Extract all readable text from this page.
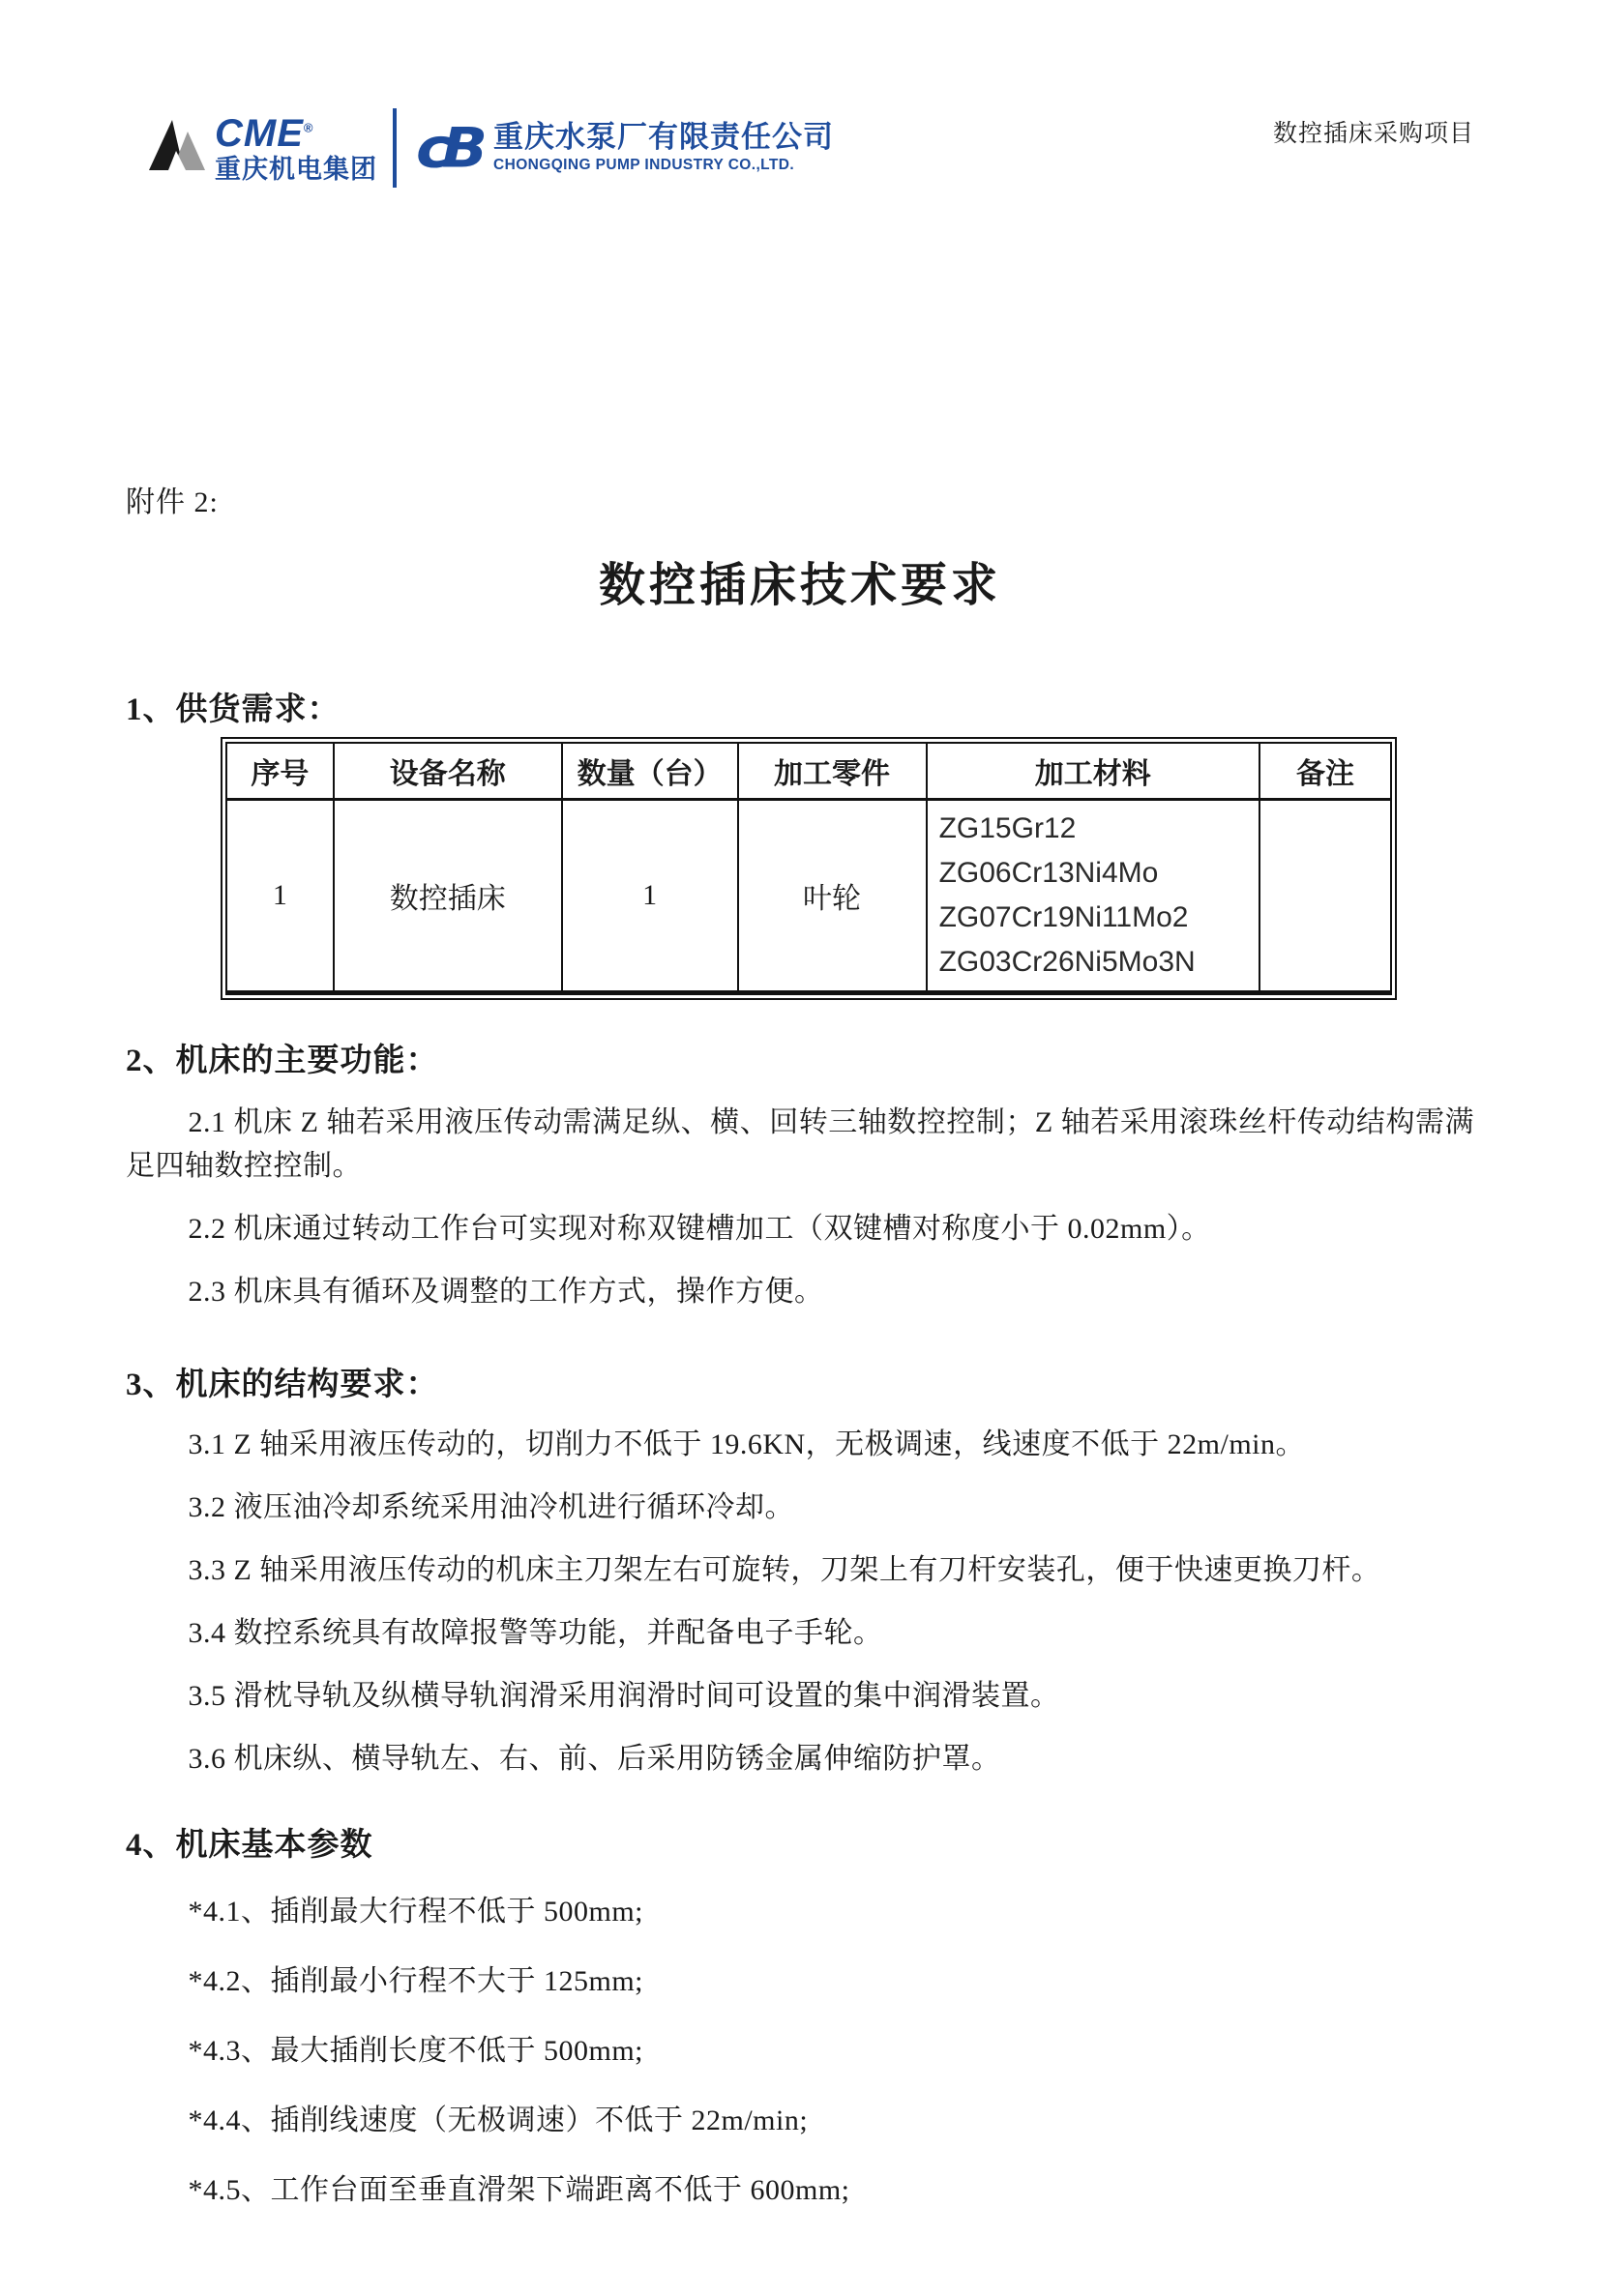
CME®
重庆机电集团 cB 重庆水泵厂有限责任公司
CHONGQING PUMP INDUSTRY CO.,LTD.
数控插床采购项目
附件 2:
数控插床技术要求
1、供货需求：
序号	设备名称	数量（台）	加工零件	加工材料	备注
1	数控插床	1	叶轮	ZG15Gr12
ZG06Cr13Ni4Mo
ZG07Cr19Ni11Mo2
ZG03Cr26Ni5Mo3N	

2、机床的主要功能：

2.1 机床 Z 轴若采用液压传动需满足纵、横、回转三轴数控控制；Z 轴若采用滚珠丝杆传动结构需满足四轴数控控制。

2.2 机床通过转动工作台可实现对称双键槽加工（双键槽对称度小于 0.02mm）。

2.3 机床具有循环及调整的工作方式，操作方便。

3、机床的结构要求：

3.1 Z 轴采用液压传动的，切削力不低于 19.6KN，无极调速，线速度不低于 22m/min。

3.2 液压油冷却系统采用油冷机进行循环冷却。

3.3 Z 轴采用液压传动的机床主刀架左右可旋转，刀架上有刀杆安装孔，便于快速更换刀杆。

3.4 数控系统具有故障报警等功能，并配备电子手轮。

3.5 滑枕导轨及纵横导轨润滑采用润滑时间可设置的集中润滑装置。

3.6 机床纵、横导轨左、右、前、后采用防锈金属伸缩防护罩。

4、机床基本参数

*4.1、插削最大行程不低于 500mm;

*4.2、插削最小行程不大于 125mm;

*4.3、最大插削长度不低于 500mm;

*4.4、插削线速度（无极调速）不低于 22m/min;

*4.5、工作台面至垂直滑架下端距离不低于 600mm;
